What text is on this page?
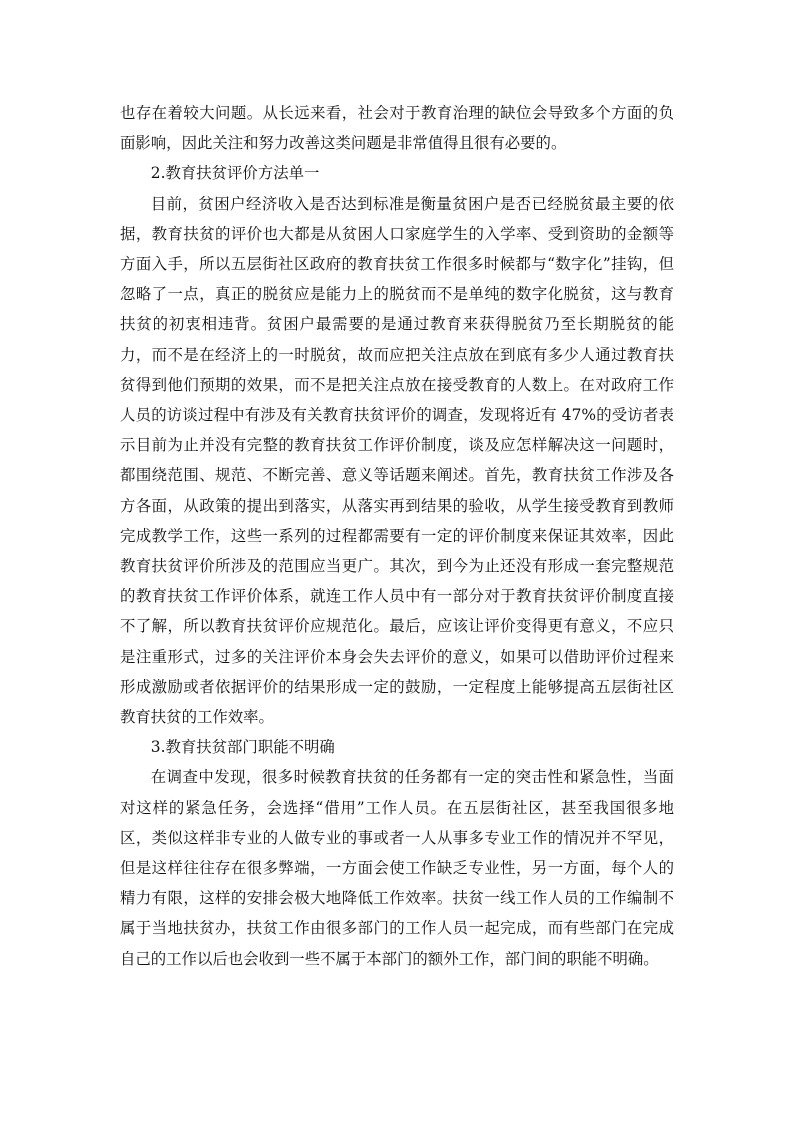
也存在着较大问题。从长远来看，社会对于教育治理的缺位会导致多个方面的负面影响，因此关注和努力改善这类问题是非常值得且很有必要的。

2.教育扶贫评价方法单一

目前，贫困户经济收入是否达到标准是衡量贫困户是否已经脱贫最主要的依据，教育扶贫的评价也大都是从贫困人口家庭学生的入学率、受到资助的金额等方面入手，所以五层街社区政府的教育扶贫工作很多时候都与“数字化”挂钩，但忽略了一点，真正的脱贫应是能力上的脱贫而不是单纯的数字化脱贫，这与教育扶贫的初衷相违背。贫困户最需要的是通过教育来获得脱贫乃至长期脱贫的能力，而不是在经济上的一时脱贫，故而应把关注点放在到底有多少人通过教育扶贫得到他们预期的效果，而不是把关注点放在接受教育的人数上。在对政府工作人员的访谈过程中有涉及有关教育扶贫评价的调查，发现将近有 47%的受访者表示目前为止并没有完整的教育扶贫工作评价制度，谈及应怎样解决这一问题时，都围绕范围、规范、不断完善、意义等话题来阐述。首先，教育扶贫工作涉及各方各面，从政策的提出到落实，从落实再到结果的验收，从学生接受教育到教师完成教学工作，这些一系列的过程都需要有一定的评价制度来保证其效率，因此教育扶贫评价所涉及的范围应当更广。其次，到今为止还没有形成一套完整规范的教育扶贫工作评价体系，就连工作人员中有一部分对于教育扶贫评价制度直接不了解，所以教育扶贫评价应规范化。最后，应该让评价变得更有意义，不应只是注重形式，过多的关注评价本身会失去评价的意义，如果可以借助评价过程来形成激励或者依据评价的结果形成一定的鼓励，一定程度上能够提高五层街社区教育扶贫的工作效率。

3.教育扶贫部门职能不明确

在调查中发现，很多时候教育扶贫的任务都有一定的突击性和紧急性，当面对这样的紧急任务，会选择“借用”工作人员。在五层街社区，甚至我国很多地区，类似这样非专业的人做专业的事或者一人从事多专业工作的情况并不罕见，但是这样往往存在很多弊端，一方面会使工作缺乏专业性，另一方面，每个人的精力有限，这样的安排会极大地降低工作效率。扶贫一线工作人员的工作编制不属于当地扶贫办，扶贫工作由很多部门的工作人员一起完成，而有些部门在完成自己的工作以后也会收到一些不属于本部门的额外工作，部门间的职能不明确。
